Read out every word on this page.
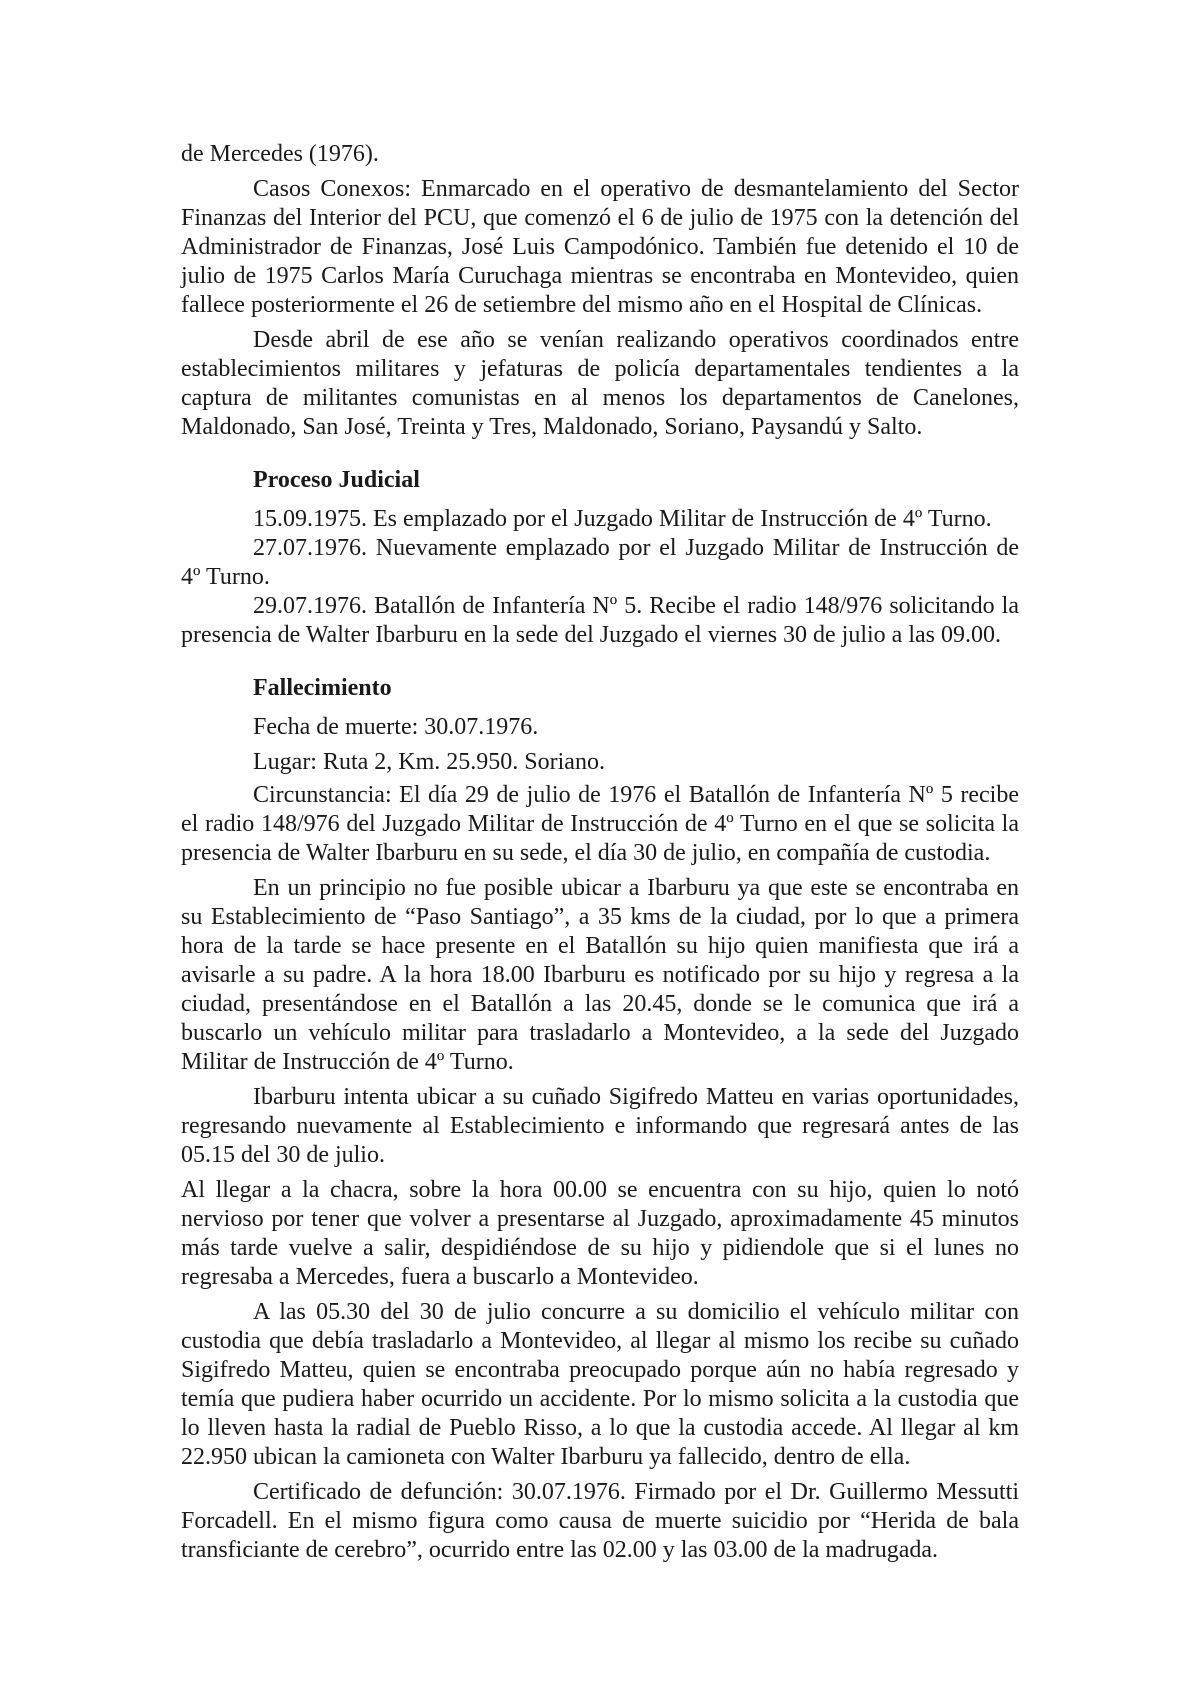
de Mercedes (1976).

Casos Conexos: Enmarcado en el operativo de desmantelamiento del Sector Finanzas del Interior del PCU, que comenzó el 6 de julio de 1975 con la detención del Administrador de Finanzas, José Luis Campodónico. También fue detenido el 10 de julio de 1975 Carlos María Curuchaga mientras se encontraba en Montevideo, quien fallece posteriormente el 26 de setiembre del mismo año en el Hospital de Clínicas.

Desde abril de ese año se venían realizando operativos coordinados entre establecimientos militares y jefaturas de policía departamentales tendientes a la captura de militantes comunistas en al menos los departamentos de Canelones, Maldonado, San José, Treinta y Tres, Maldonado, Soriano, Paysandú y Salto.

Proceso Judicial

15.09.1975. Es emplazado por el Juzgado Militar de Instrucción de 4º Turno.

27.07.1976. Nuevamente emplazado por el Juzgado Militar de Instrucción de 4º Turno.

29.07.1976. Batallón de Infantería Nº 5. Recibe el radio 148/976 solicitando la presencia de Walter Ibarburu en la sede del Juzgado el viernes 30 de julio a las 09.00.

Fallecimiento

Fecha de muerte: 30.07.1976.

Lugar: Ruta 2, Km. 25.950. Soriano.

Circunstancia: El día 29 de julio de 1976 el Batallón de Infantería Nº 5 recibe el radio 148/976 del Juzgado Militar de Instrucción de 4º Turno en el que se solicita la presencia de Walter Ibarburu en su sede, el día 30 de julio, en compañía de custodia.

En un principio no fue posible ubicar a Ibarburu ya que este se encontraba en su Establecimiento de “Paso Santiago”, a 35 kms de la ciudad, por lo que a primera hora de la tarde se hace presente en el Batallón su hijo quien manifiesta que irá a avisarle a su padre. A la hora 18.00 Ibarburu es notificado por su hijo y regresa a la ciudad, presentándose en el Batallón a las 20.45, donde se le comunica que irá a buscarlo un vehículo militar para trasladarlo a Montevideo, a la sede del Juzgado Militar de Instrucción de 4º Turno.

Ibarburu intenta ubicar a su cuñado Sigifredo Matteu en varias oportunidades, regresando nuevamente al Establecimiento e informando que regresará antes de las 05.15 del 30 de julio.

Al llegar a la chacra, sobre la hora 00.00 se encuentra con su hijo, quien lo notó nervioso por tener que volver a presentarse al Juzgado, aproximadamente 45 minutos más tarde vuelve a salir, despidiéndose de su hijo y pidiendole que si el lunes no regresaba a Mercedes, fuera a buscarlo a Montevideo.

A las 05.30 del 30 de julio concurre a su domicilio el vehículo militar con custodia que debía trasladarlo a Montevideo, al llegar al mismo los recibe su cuñado Sigifredo Matteu, quien se encontraba preocupado porque aún no había regresado y temía que pudiera haber ocurrido un accidente. Por lo mismo solicita a la custodia que lo lleven hasta la radial de Pueblo Risso, a lo que la custodia accede. Al llegar al km 22.950 ubican la camioneta con Walter Ibarburu ya fallecido, dentro de ella.

Certificado de defunción: 30.07.1976. Firmado por el Dr. Guillermo Messutti Forcadell. En el mismo figura como causa de muerte suicidio por “Herida de bala transficiante de cerebro”, ocurrido entre las 02.00 y las 03.00 de la madrugada.
